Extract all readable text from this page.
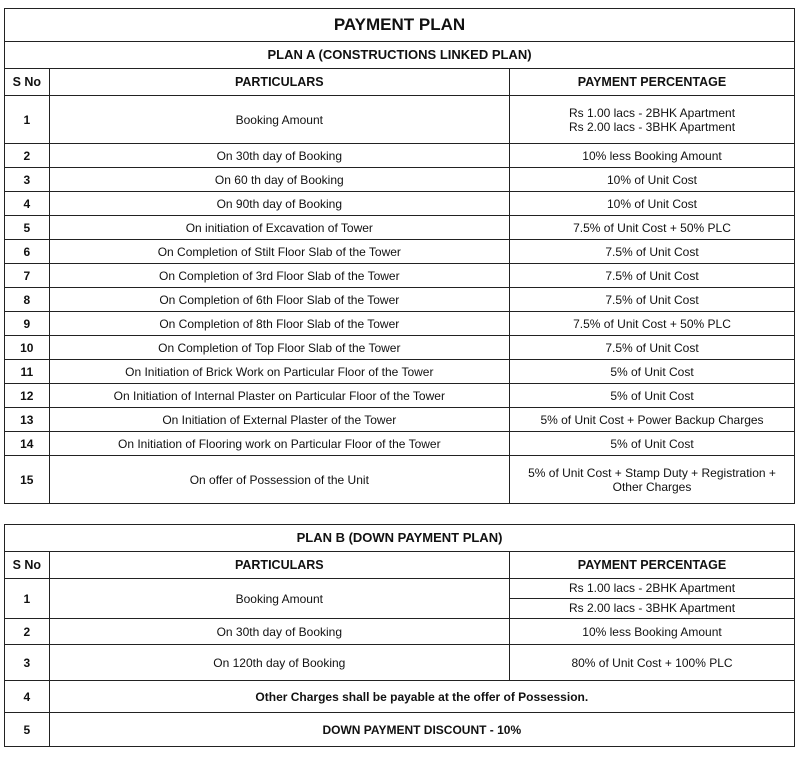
PAYMENT PLAN		
PLAN A (CONSTRUCTIONS LINKED PLAN)		
S No	PARTICULARS	PAYMENT PERCENTAGE
1	Booking Amount	Rs 1.00 lacs - 2BHK Apartment
Rs 2.00 lacs - 3BHK Apartment

2	On 30th day of Booking	10% less Booking Amount

3	On 60 th day of Booking	10% of Unit Cost

4	On 90th day of Booking	10% of Unit Cost

5	On initiation of Excavation of Tower	7.5% of Unit Cost + 50% PLC

6	On Completion of Stilt Floor Slab of the Tower	7.5% of Unit Cost

7	On Completion of 3rd Floor Slab of the Tower	7.5% of Unit Cost

8	On Completion of 6th Floor Slab of the Tower	7.5% of Unit Cost

9	On Completion of 8th Floor Slab of the Tower	7.5% of Unit Cost + 50% PLC

10	On Completion of Top Floor Slab of the Tower	7.5% of Unit Cost

11	On Initiation of Brick Work on Particular Floor of the Tower	5% of Unit Cost

12	On Initiation of Internal Plaster on Particular Floor of the Tower	5% of Unit Cost

13	On Initiation of External Plaster of the Tower	5% of Unit Cost + Power Backup Charges

14	On Initiation of Flooring work on Particular Floor of the Tower	5% of Unit Cost

15	On offer of Possession of the Unit	5% of Unit Cost + Stamp Duty + Registration +
Other Charges
PLAN B (DOWN PAYMENT PLAN)		
S No	PARTICULARS	PAYMENT PERCENTAGE
1	Booking Amount	Rs 1.00 lacs - 2BHK Apartment
Rs 2.00 lacs - 3BHK Apartment

2	On 30th day of Booking	10% less Booking Amount

3	On 120th day of Booking	80% of Unit Cost + 100% PLC

4	Other Charges shall be payable at the offer of Possession.	
5	DOWN PAYMENT DISCOUNT - 10%	
